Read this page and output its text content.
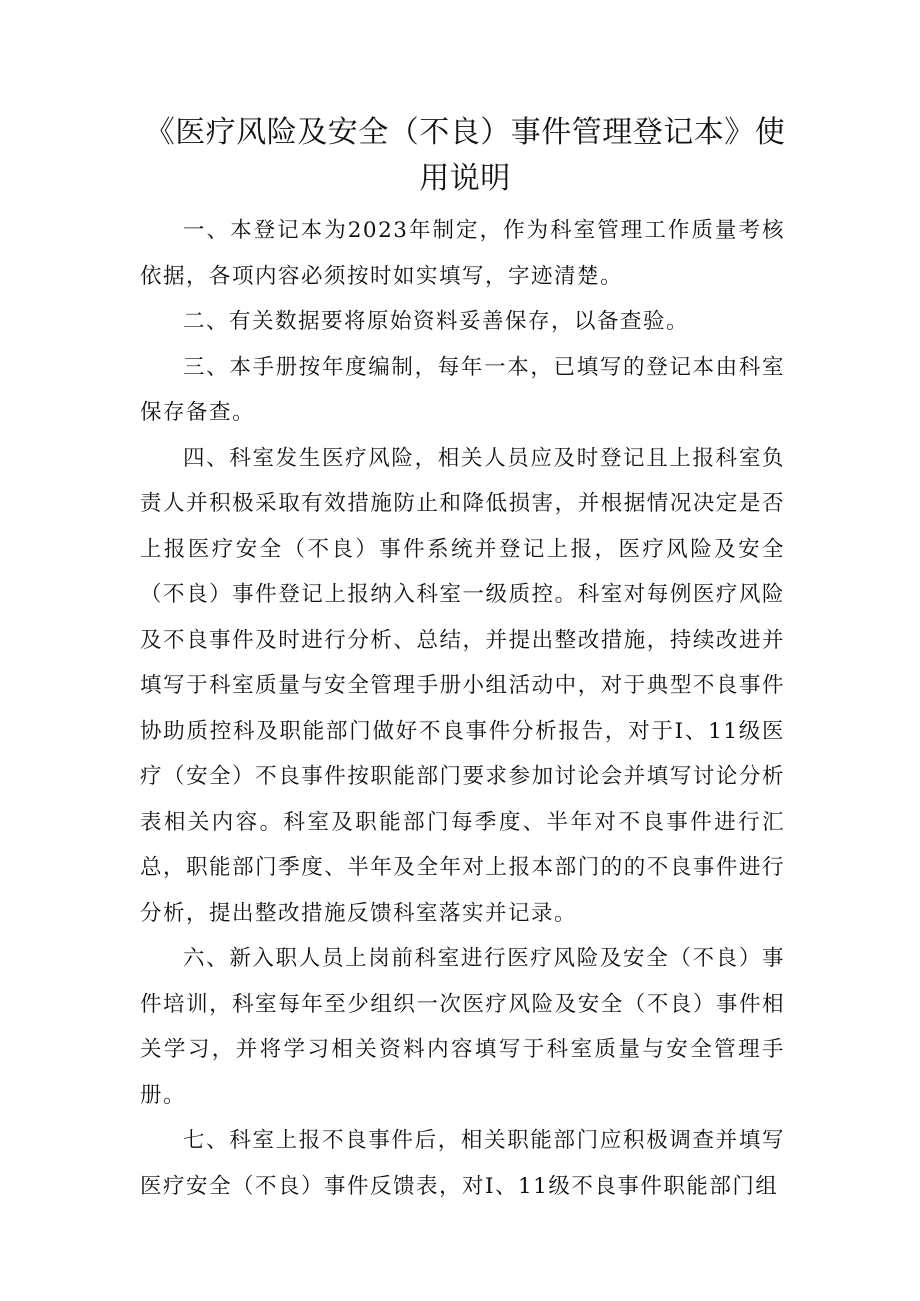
《医疗风险及安全（不良）事件管理登记本》使用说明

一、本登记本为2023年制定，作为科室管理工作质量考核依据，各项内容必须按时如实填写，字迹清楚。

二、有关数据要将原始资料妥善保存，以备查验。

三、本手册按年度编制，每年一本，已填写的登记本由科室保存备查。

四、科室发生医疗风险，相关人员应及时登记且上报科室负责人并积极采取有效措施防止和降低损害，并根据情况决定是否上报医疗安全（不良）事件系统并登记上报，医疗风险及安全（不良）事件登记上报纳入科室一级质控。科室对每例医疗风险及不良事件及时进行分析、总结，并提出整改措施，持续改进并填写于科室质量与安全管理手册小组活动中，对于典型不良事件协助质控科及职能部门做好不良事件分析报告，对于I、11级医疗（安全）不良事件按职能部门要求参加讨论会并填写讨论分析表相关内容。科室及职能部门每季度、半年对不良事件进行汇总，职能部门季度、半年及全年对上报本部门的的不良事件进行分析，提出整改措施反馈科室落实并记录。

六、新入职人员上岗前科室进行医疗风险及安全（不良）事件培训，科室每年至少组织一次医疗风险及安全（不良）事件相关学习，并将学习相关资料内容填写于科室质量与安全管理手册。

七、科室上报不良事件后，相关职能部门应积极调查并填写医疗安全（不良）事件反馈表，对I、11级不良事件职能部门组
